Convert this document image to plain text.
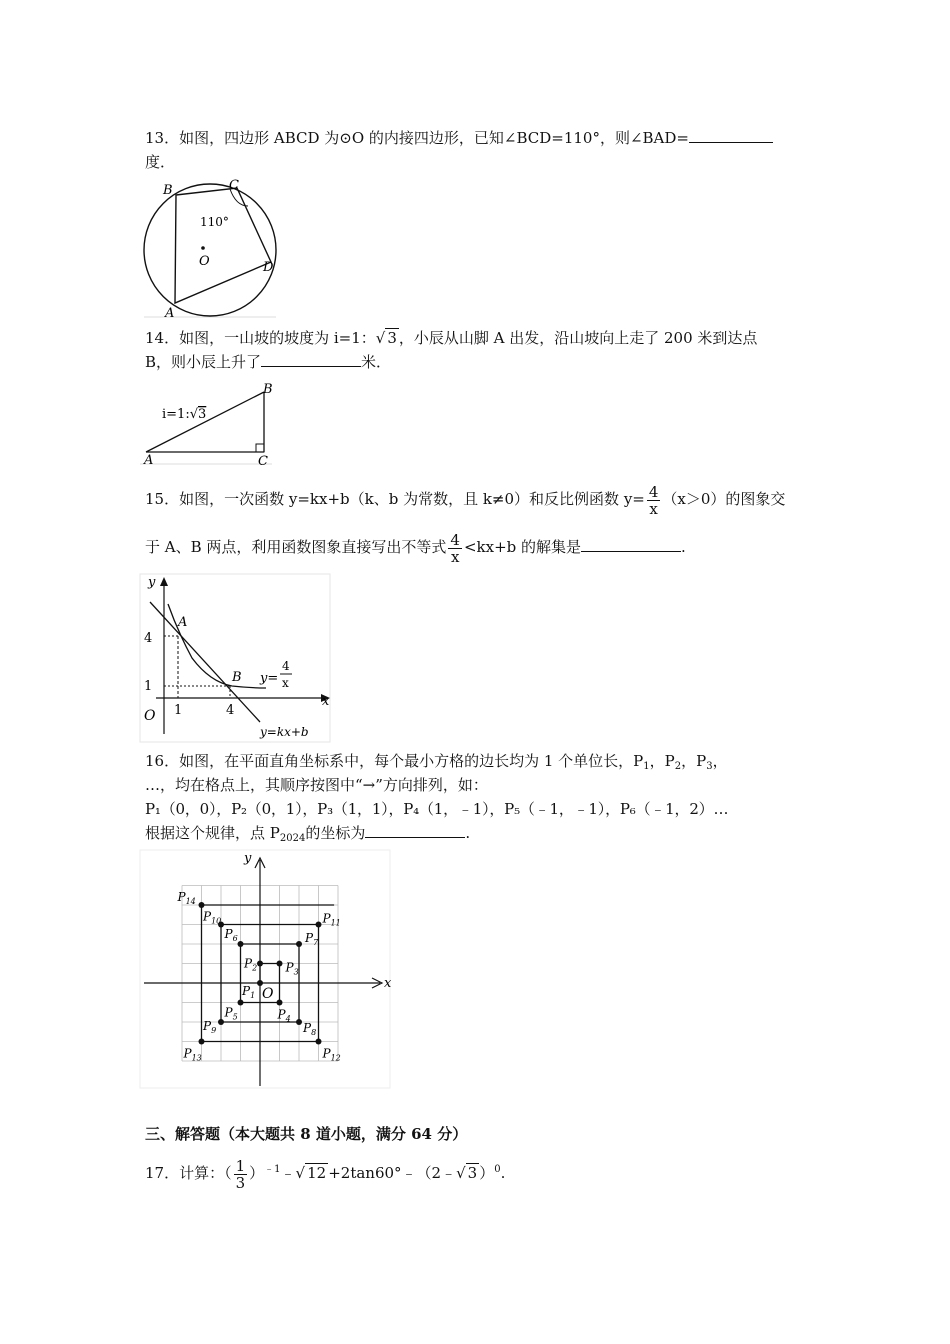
13．如图，四边形 ABCD 为⊙O 的内接四边形，已知∠BCD=110°，则∠BAD=
度．
B	C
D
A
O
110°
14．如图，一山坡的坡度为 i=1：√ 3 ，小辰从山脚 A 出发，沿山坡向上走了 200 米到达点
B，则小辰上升了	米．
B
A	C
i=1:√3
15．如图，一次函数 y=kx+b（k、b 为常数，且 k≠0）和反比例函数 $y= \frac{4}{x} (x>0)$的图象交
于 A、B 两点，利用函数图象直接写出不等式 $\frac{4}{x} <kx+b$ 的解集是	.
y
x
O
A
B
4
1
1	4
y=
4
x
y=kx+b
16．如图，在平面直角坐标系中，每个最小方格的边长均为 1 个单位长，$P_1$，$P_2$，$P_3$，
…，均在格点上，其顺序按图中“→”方向排列，如：
P₁（0，0），P₂（0，1），P₃（1，1），P₄（1，﹣1），P₅（﹣1，﹣1），P₆（﹣1，2）…
根据这个规律，点 $P_{2024}$的坐标为	.
$P_1$
$P_2$ $P_3$
$P_4$
$P_5$
$P_6$	$P_7$
$P_8$
$P_9$
$P_{10}$	$P_{11}$
$P_{12}$
$P_{13}$
$P_{14}$
x
y
O
三、解答题（本大题共 8 道小题，满分 64 分）
17．计算：（ $\frac{1}{3}$ ）$^{﹣1}$﹣√ 12 +2tan60°﹣（2﹣√ 3 ）$^0$.
